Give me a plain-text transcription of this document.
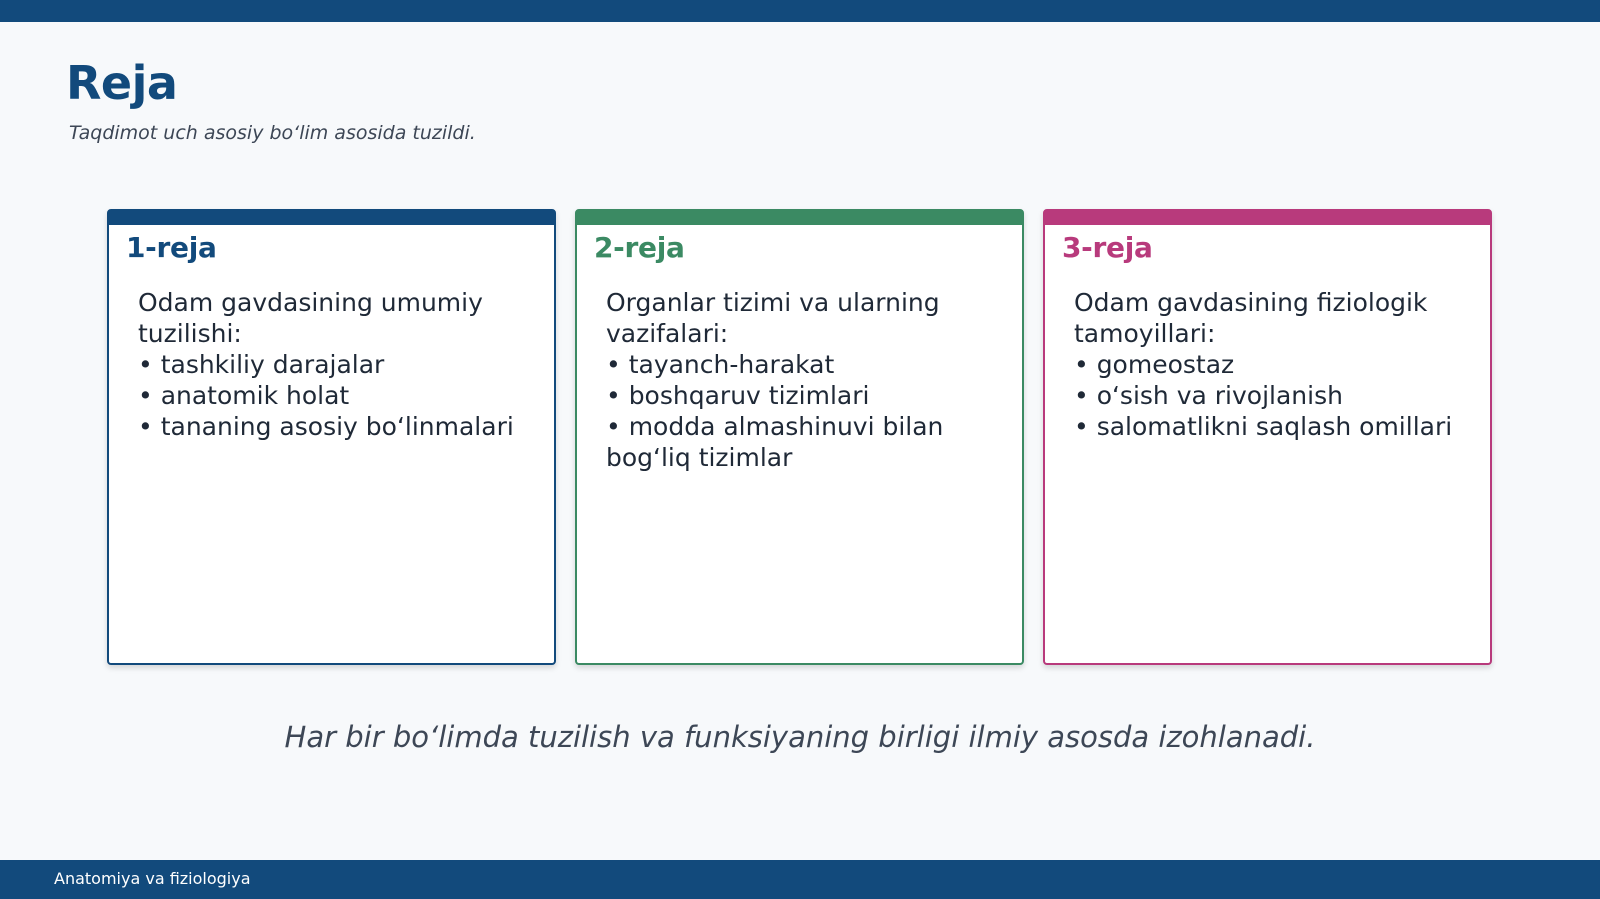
Reja

Taqdimot uch asosiy bo‘lim asosida tuzildi.

1-reja
Odam gavdasining umumiy tuzilishi:
• tashkiliy darajalar
• anatomik holat
• tananing asosiy bo‘linmalari
2-reja
Organlar tizimi va ularning vazifalari:
• tayanch-harakat
• boshqaruv tizimlari
• modda almashinuvi bilan bog‘liq tizimlar
3-reja
Odam gavdasining fiziologik tamoyillari:
• gomeostaz
• o‘sish va rivojlanish
• salomatlikni saqlash omillari

Har bir bo‘limda tuzilish va funksiyaning birligi ilmiy asosda izohlanadi.

Anatomiya va fiziologiya
